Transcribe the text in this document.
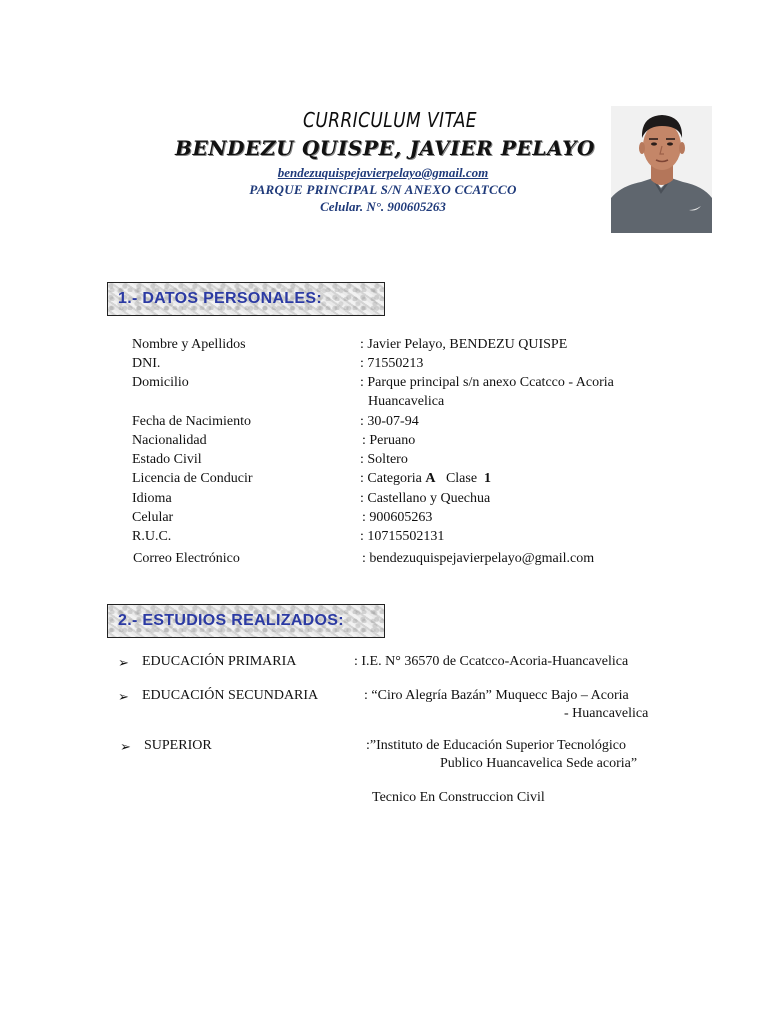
CURRICULUM VITAE
BENDEZU QUISPE, JAVIER PELAYO
bendezuquispejavierpelayo@gmail.com
PARQUE PRINCIPAL S/N ANEXO CCATCCO
Celular. N°. 900605263
1.- DATOS PERSONALES:
Nombre y Apellidos	: Javier Pelayo, BENDEZU QUISPE
DNI.	: 71550213
Domicilio	: Parque principal s/n anexo Ccatcco - Acoria
Huancavelica
Fecha de Nacimiento	: 30-07-94
Nacionalidad	: Peruano
Estado Civil	: Soltero
Licencia de Conducir	: Categoria A Clase 1
Idioma	: Castellano y Quechua
Celular	: 900605263
R.U.C.	: 10715502131
Correo Electrónico	: bendezuquispejavierpelayo@gmail.com
2.- ESTUDIOS REALIZADOS:
➢ EDUCACIÓN PRIMARIA	: I.E. N° 36570 de Ccatcco-Acoria-Huancavelica
➢ EDUCACIÓN SECUNDARIA	: “Ciro Alegría Bazán” Muquecc Bajo – Acoria
- Huancavelica
➢ SUPERIOR	:”Instituto de Educación Superior Tecnológico
Publico Huancavelica Sede acoria”
Tecnico En Construccion Civil
